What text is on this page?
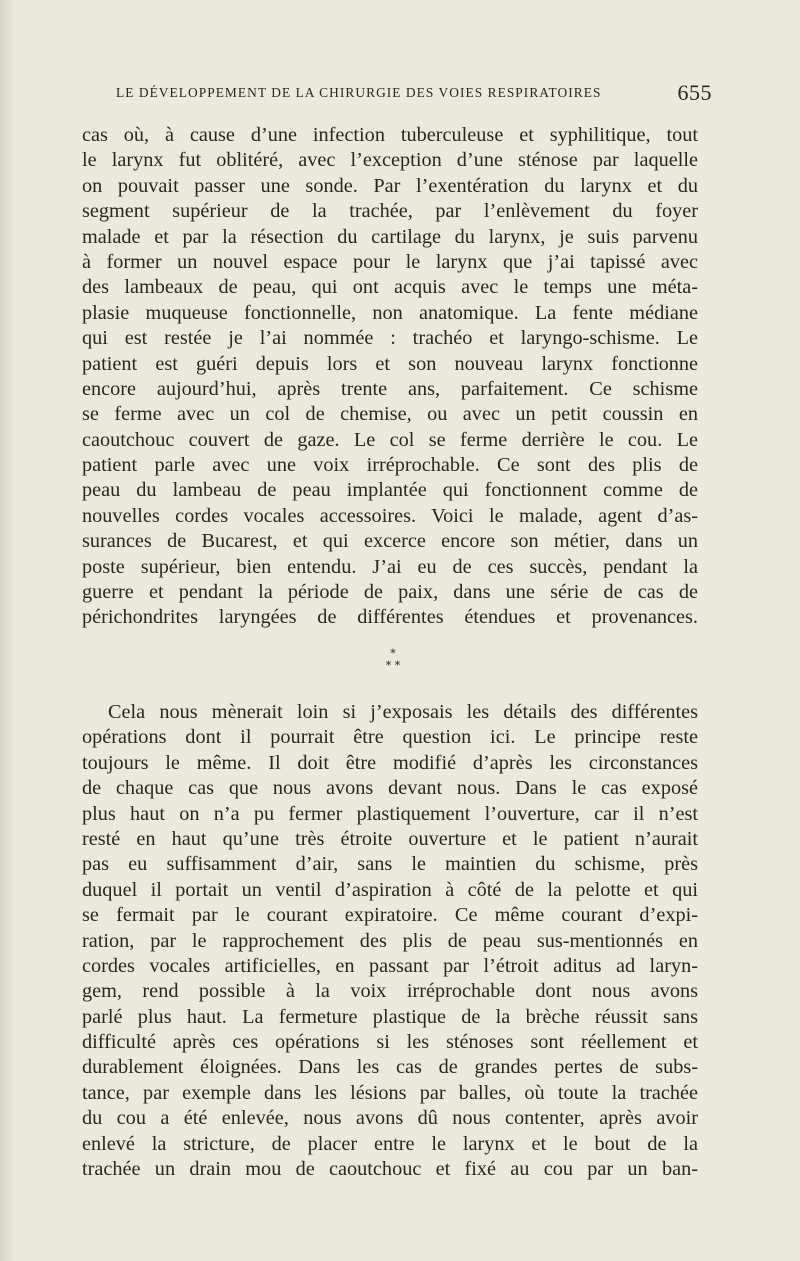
LE DÉVELOPPEMENT DE LA CHIRURGIE DES VOIES RESPIRATOIRES	655
cas où, à cause d’une infection tuberculeuse et syphilitique, tout
le larynx fut oblitéré, avec l’exception d’une sténose par laquelle
on pouvait passer une sonde. Par l’exentération du larynx et du
segment supérieur de la trachée, par l’enlèvement du foyer
malade et par la résection du cartilage du larynx, je suis parvenu
à former un nouvel espace pour le larynx que j’ai tapissé avec
des lambeaux de peau, qui ont acquis avec le temps une méta-
plasie muqueuse fonctionnelle, non anatomique. La fente médiane
qui est restée je l’ai nommée : trachéo et laryngo-schisme. Le
patient est guéri depuis lors et son nouveau larynx fonctionne
encore aujourd’hui, après trente ans, parfaitement. Ce schisme
se ferme avec un col de chemise, ou avec un petit coussin en
caoutchouc couvert de gaze. Le col se ferme derrière le cou. Le
patient parle avec une voix irréprochable. Ce sont des plis de
peau du lambeau de peau implantée qui fonctionnent comme de
nouvelles cordes vocales accessoires. Voici le malade, agent d’as-
surances de Bucarest, et qui excerce encore son métier, dans un
poste supérieur, bien entendu. J’ai eu de ces succès, pendant la
guerre et pendant la période de paix, dans une série de cas de
périchondrites laryngées de différentes étendues et provenances.
*
* *
Cela nous mènerait loin si j’exposais les détails des différentes
opérations dont il pourrait être question ici. Le principe reste
toujours le même. Il doit être modifié d’après les circonstances
de chaque cas que nous avons devant nous. Dans le cas exposé
plus haut on n’a pu fermer plastiquement l’ouverture, car il n’est
resté en haut qu’une très étroite ouverture et le patient n’aurait
pas eu suffisamment d’air, sans le maintien du schisme, près
duquel il portait un ventil d’aspiration à côté de la pelotte et qui
se fermait par le courant expiratoire. Ce même courant d’expi-
ration, par le rapprochement des plis de peau sus-mentionnés en
cordes vocales artificielles, en passant par l’étroit aditus ad laryn-
gem, rend possible à la voix irréprochable dont nous avons
parlé plus haut. La fermeture plastique de la brèche réussit sans
difficulté après ces opérations si les sténoses sont réellement et
durablement éloignées. Dans les cas de grandes pertes de subs-
tance, par exemple dans les lésions par balles, où toute la trachée
du cou a été enlevée, nous avons dû nous contenter, après avoir
enlevé la stricture, de placer entre le larynx et le bout de la
trachée un drain mou de caoutchouc et fixé au cou par un ban-
